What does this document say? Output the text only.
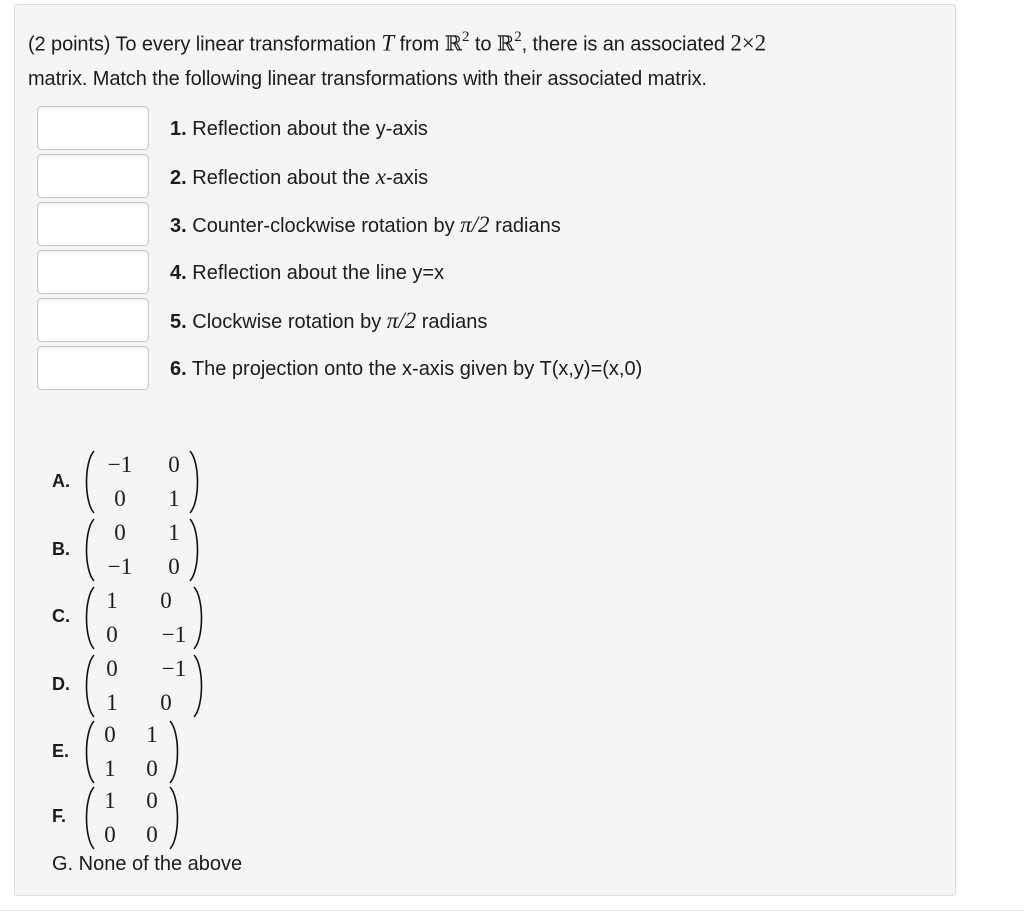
(2 points) To every linear transformation T from ℝ$^2$ to ℝ$^2$, there is an associated 2×2
matrix. Match the following linear transformations with their associated matrix.
1. Reflection about the y-axis
2. Reflection about the x-axis
3. Counter-clockwise rotation by π/2 radians
4. Reflection about the line y=x
5. Clockwise rotation by π/2 radians
6. The projection onto the x-axis given by T(x,y)=(x,0)
A.
−1	0
0	1
B.
0	1
−1	0
C.
1	0
0	−1
D.
0	−1
1	0
E.
0	1
1	0
F.
1	0
0	0
G. None of the above
